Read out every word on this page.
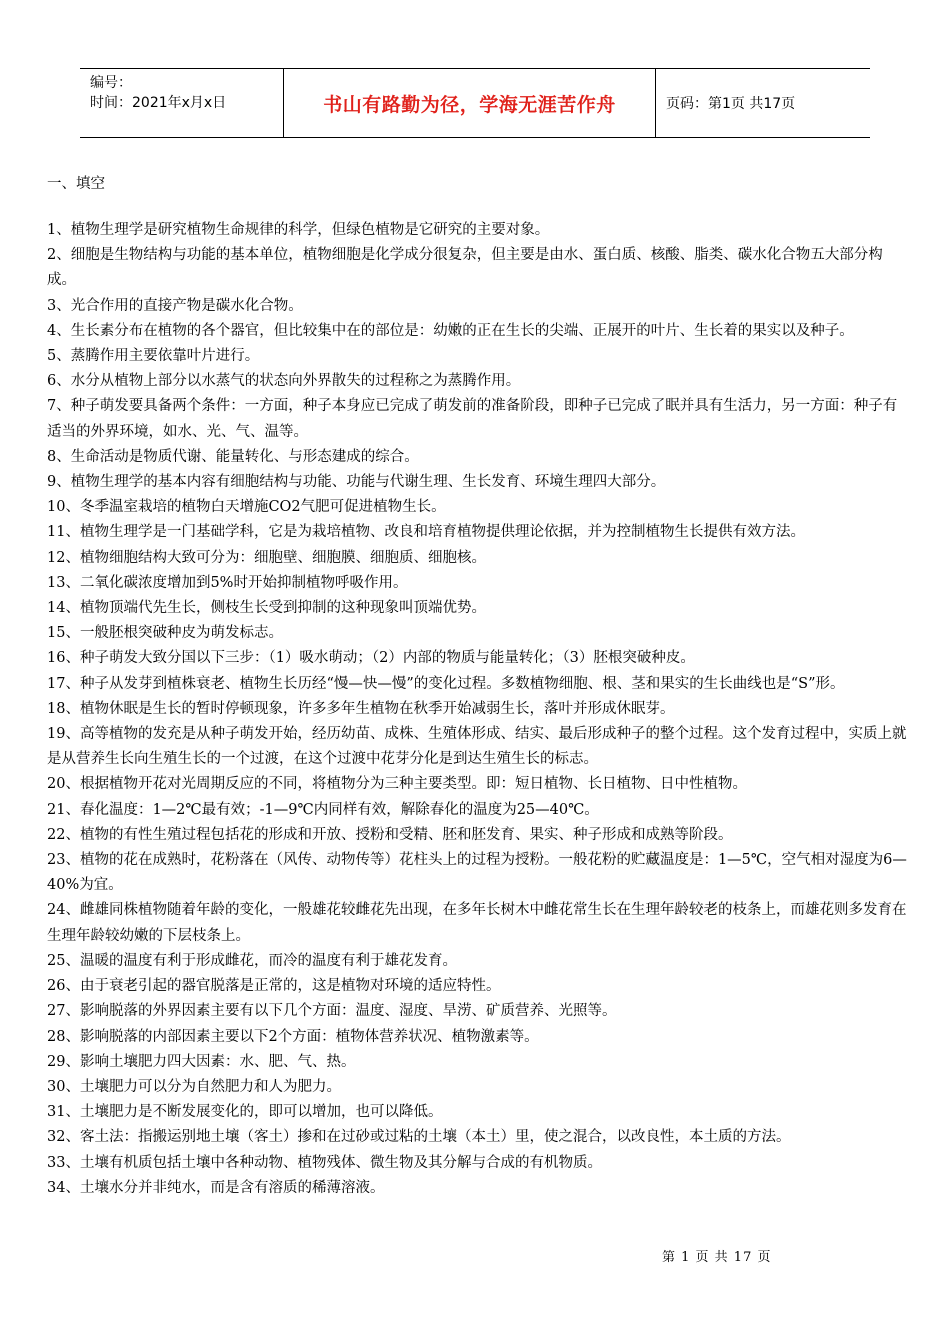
编号：
时间：2021年x月x日	书山有路勤为径，学海无涯苦作舟	页码：第1页 共17页
一、填空
1、植物生理学是研究植物生命规律的科学，但绿色植物是它研究的主要对象。
2、细胞是生物结构与功能的基本单位，植物细胞是化学成分很复杂，但主要是由水、蛋白质、核酸、脂类、碳水化合物五大部分构成。
3、光合作用的直接产物是碳水化合物。
4、生长素分布在植物的各个器官，但比较集中在的部位是：幼嫩的正在生长的尖端、正展开的叶片、生长着的果实以及种子。
5、蒸腾作用主要依靠叶片进行。
6、水分从植物上部分以水蒸气的状态向外界散失的过程称之为蒸腾作用。
7、种子萌发要具备两个条件：一方面，种子本身应已完成了萌发前的准备阶段，即种子已完成了眠并具有生活力，另一方面：种子有适当的外界环境，如水、光、气、温等。
8、生命活动是物质代谢、能量转化、与形态建成的综合。
9、植物生理学的基本内容有细胞结构与功能、功能与代谢生理、生长发育、环境生理四大部分。
10、冬季温室栽培的植物白天增施CO2气肥可促进植物生长。
11、植物生理学是一门基础学科，它是为栽培植物、改良和培育植物提供理论依据，并为控制植物生长提供有效方法。
12、植物细胞结构大致可分为：细胞壁、细胞膜、细胞质、细胞核。
13、二氧化碳浓度增加到5%时开始抑制植物呼吸作用。
14、植物顶端代先生长，侧枝生长受到抑制的这种现象叫顶端优势。
15、一般胚根突破种皮为萌发标志。
16、种子萌发大致分国以下三步：（1）吸水萌动；（2）内部的物质与能量转化；（3）胚根突破种皮。
17、种子从发芽到植株衰老、植物生长历经“慢—快—慢”的变化过程。多数植物细胞、根、茎和果实的生长曲线也是“S”形。
18、植物休眠是生长的暂时停顿现象，许多多年生植物在秋季开始减弱生长，落叶并形成休眠芽。
19、高等植物的发充是从种子萌发开始，经历幼苗、成株、生殖体形成、结实、最后形成种子的整个过程。这个发育过程中，实质上就是从营养生长向生殖生长的一个过渡，在这个过渡中花芽分化是到达生殖生长的标志。
20、根据植物开花对光周期反应的不同，将植物分为三种主要类型。即：短日植物、长日植物、日中性植物。
21、春化温度：1—2℃最有效；-1—9℃内同样有效，解除春化的温度为25—40℃。
22、植物的有性生殖过程包括花的形成和开放、授粉和受精、胚和胚发育、果实、种子形成和成熟等阶段。
23、植物的花在成熟时，花粉落在（风传、动物传等）花柱头上的过程为授粉。一般花粉的贮藏温度是：1—5℃，空气相对湿度为6—40%为宜。
24、雌雄同株植物随着年龄的变化，一般雄花较雌花先出现，在多年长树木中雌花常生长在生理年龄较老的枝条上，而雄花则多发育在生理年龄较幼嫩的下层枝条上。
25、温暖的温度有利于形成雌花，而冷的温度有利于雄花发育。
26、由于衰老引起的器官脱落是正常的，这是植物对环境的适应特性。
27、影响脱落的外界因素主要有以下几个方面：温度、湿度、旱涝、矿质营养、光照等。
28、影响脱落的内部因素主要以下2个方面：植物体营养状况、植物激素等。
29、影响土壤肥力四大因素：水、肥、气、热。
30、土壤肥力可以分为自然肥力和人为肥力。
31、土壤肥力是不断发展变化的，即可以增加，也可以降低。
32、客土法：指搬运别地土壤（客土）掺和在过砂或过粘的土壤（本土）里，使之混合，以改良性，本土质的方法。
33、土壤有机质包括土壤中各种动物、植物残体、微生物及其分解与合成的有机物质。
34、土壤水分并非纯水，而是含有溶质的稀薄溶液。
第 1 页 共 17 页
